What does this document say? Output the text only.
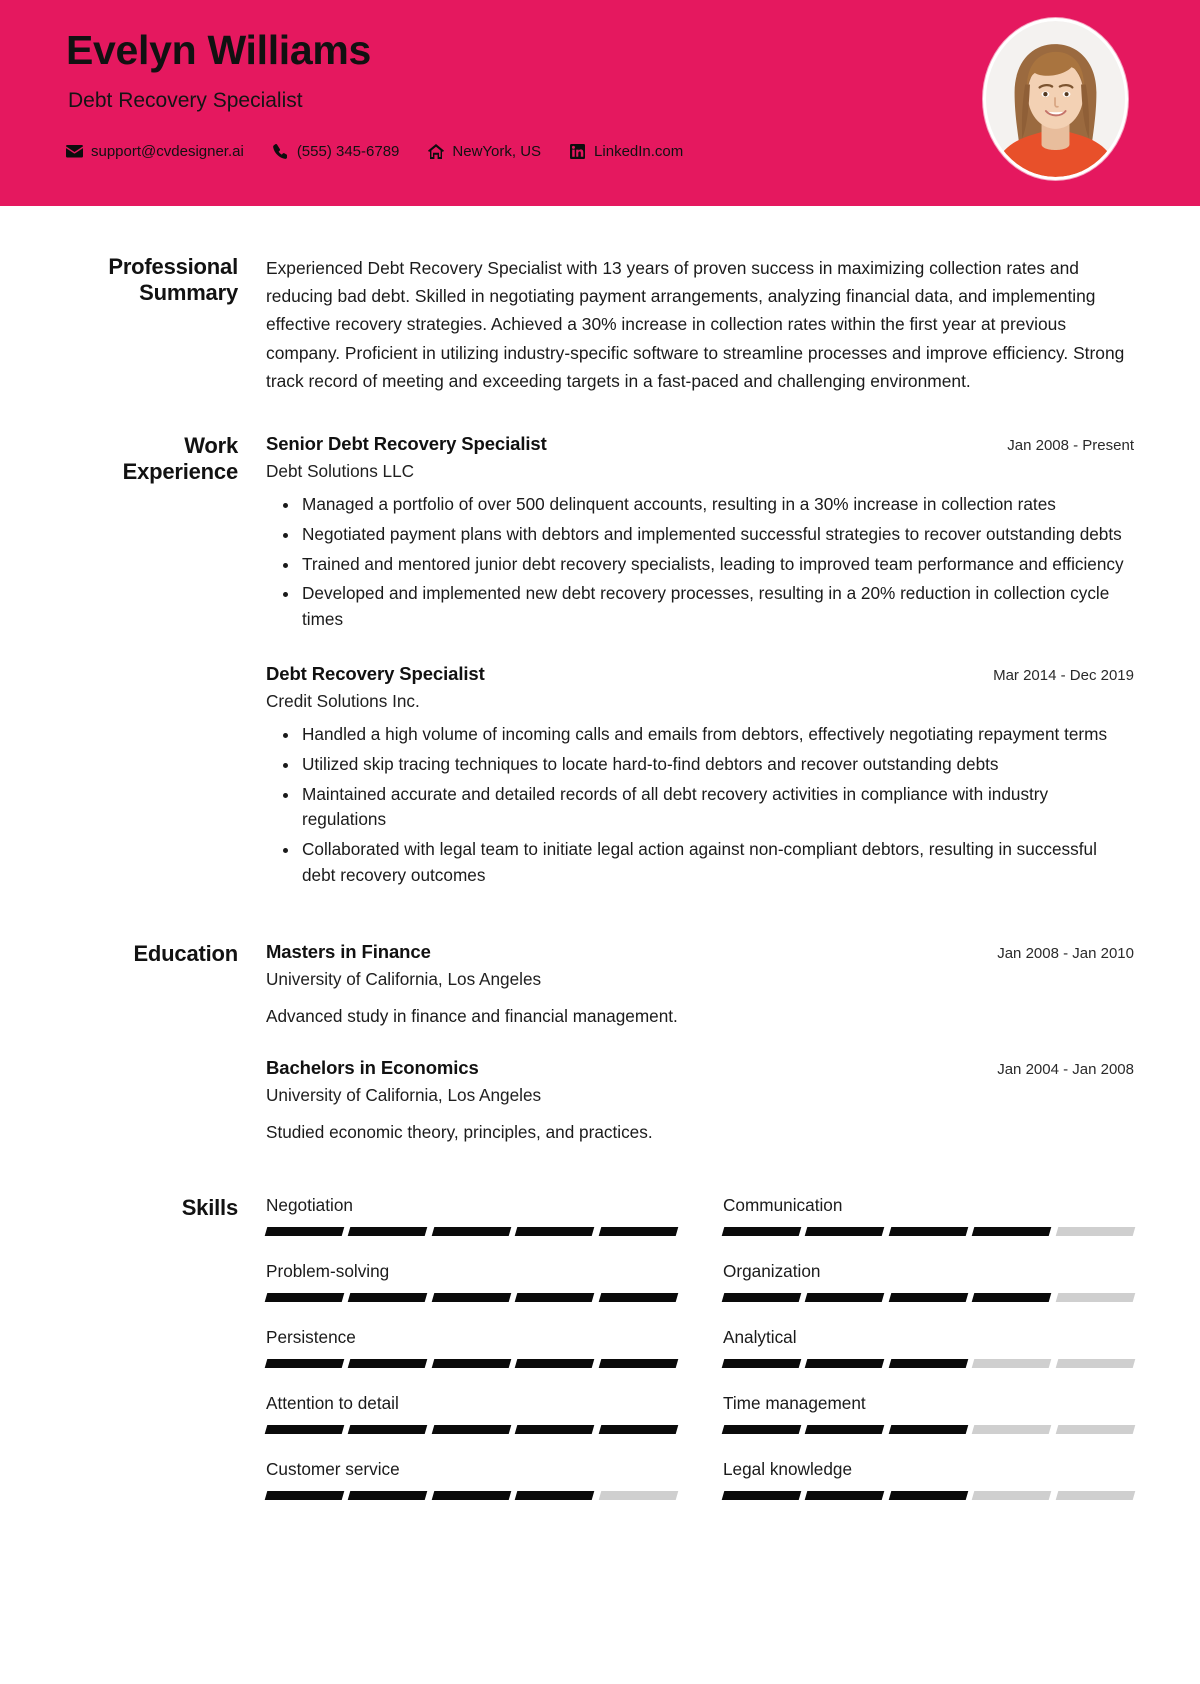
Evelyn Williams
Debt Recovery Specialist
support@cvdesigner.ai	(555) 345-6789	NewYork, US	LinkedIn.com
Professional
Summary

Experienced Debt Recovery Specialist with 13 years of proven success in maximizing collection rates and reducing bad debt. Skilled in negotiating payment arrangements, analyzing financial data, and implementing effective recovery strategies. Achieved a 30% increase in collection rates within the first year at previous company. Proficient in utilizing industry-specific software to streamline processes and improve efficiency. Strong track record of meeting and exceeding targets in a fast-paced and challenging environment.

Work
Experience
Senior Debt Recovery Specialist	Jan 2008 - Present
Debt Solutions LLC
Managed a portfolio of over 500 delinquent accounts, resulting in a 30% increase in collection rates
Negotiated payment plans with debtors and implemented successful strategies to recover outstanding debts
Trained and mentored junior debt recovery specialists, leading to improved team performance and efficiency
Developed and implemented new debt recovery processes, resulting in a 20% reduction in collection cycle times
Debt Recovery Specialist	Mar 2014 - Dec 2019
Credit Solutions Inc.
Handled a high volume of incoming calls and emails from debtors, effectively negotiating repayment terms
Utilized skip tracing techniques to locate hard-to-find debtors and recover outstanding debts
Maintained accurate and detailed records of all debt recovery activities in compliance with industry regulations
Collaborated with legal team to initiate legal action against non-compliant debtors, resulting in successful debt recovery outcomes
Education	Masters in Finance	Jan 2008 - Jan 2010
University of California, Los Angeles
Advanced study in finance and financial management.
Bachelors in Economics	Jan 2004 - Jan 2008
University of California, Los Angeles
Studied economic theory, principles, and practices.
Skills	Negotiation	Communication
Problem-solving	Organization
Persistence	Analytical
Attention to detail	Time management
Customer service	Legal knowledge
